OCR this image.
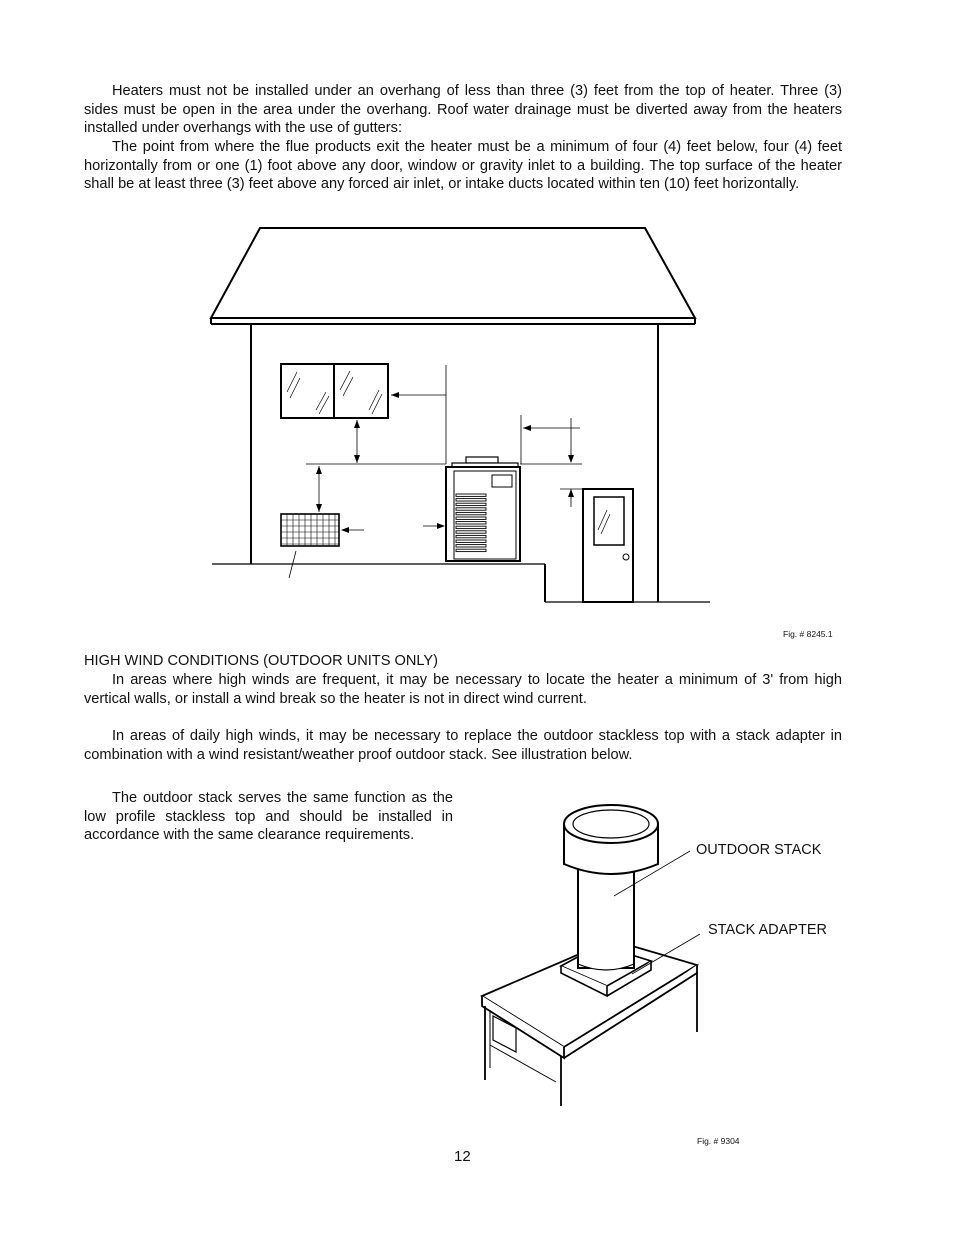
Heaters must not be installed under an overhang of less than three (3) feet from the top of heater. Three (3) sides must be open in the area under the overhang. Roof water drainage must be diverted away from the heaters installed under overhangs with the use of gutters:

The point from where the flue products exit the heater must be a minimum of four (4) feet below, four (4) feet horizontally from or one (1) foot above any door, window or gravity inlet to a building. The top surface of the heater shall be at least three (3) feet above any forced air inlet, or intake ducts located within ten (10) feet horizontally.

Fig. # 8245.1

HIGH WIND CONDITIONS (OUTDOOR UNITS ONLY)

In areas where high winds are frequent, it may be necessary to locate the heater a minimum of 3' from high vertical walls, or install a wind break so the heater is not in direct wind current.

In areas of daily high winds, it may be necessary to replace the outdoor stackless top with a stack adapter in combination with a wind resistant/weather proof outdoor stack. See illustration below.

The outdoor stack serves the same function as the low profile stackless top and should be installed in accordance with the same clearance requirements.

OUTDOOR STACK
STACK ADAPTER
Fig. # 9304
12
